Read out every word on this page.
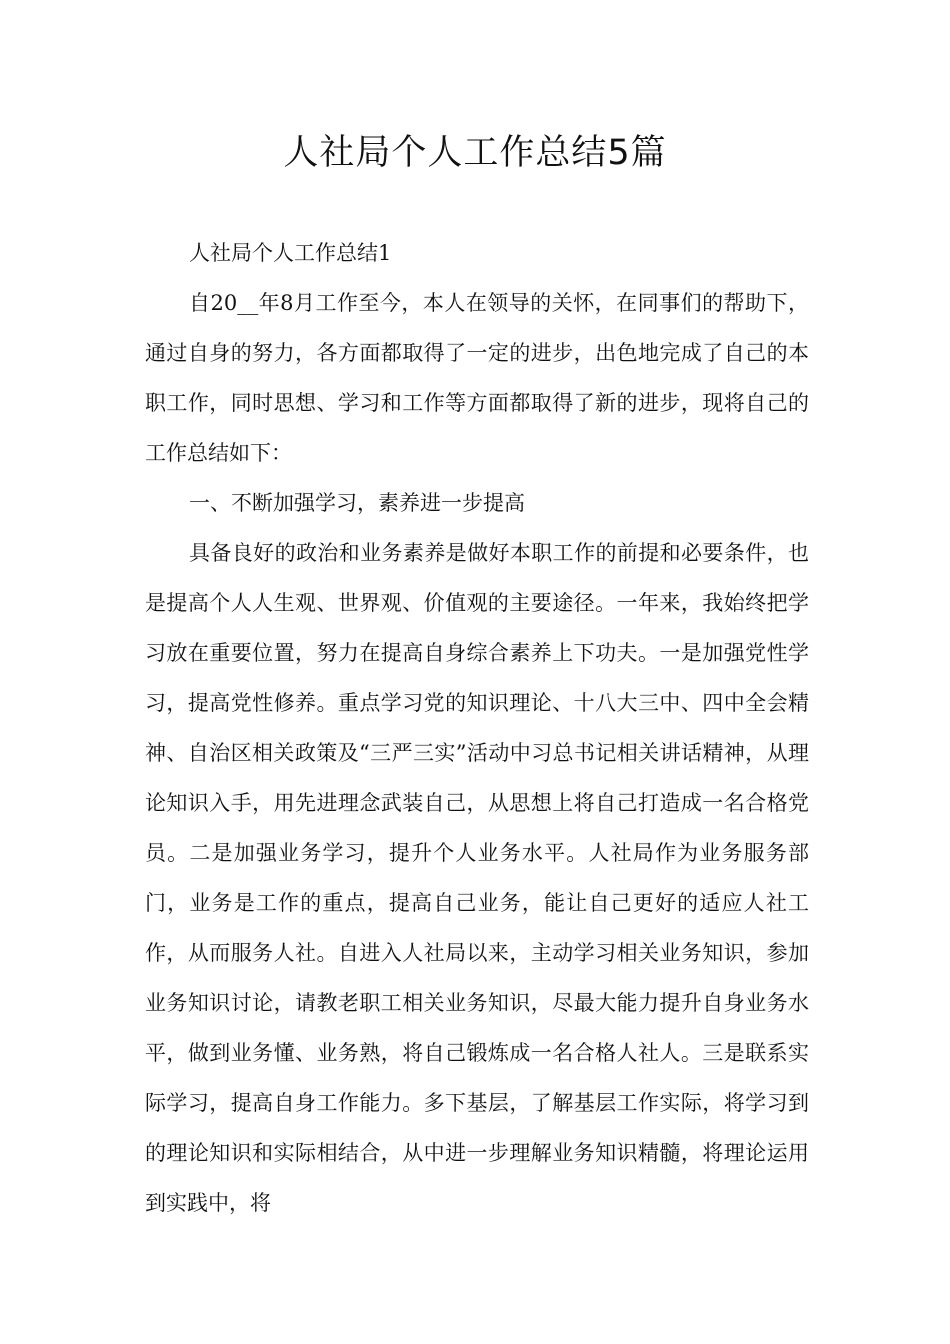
人社局个人工作总结5篇

人社局个人工作总结1

自20__年8月工作至今，本人在领导的关怀，在同事们的帮助下，通过自身的努力，各方面都取得了一定的进步，出色地完成了自己的本职工作，同时思想、学习和工作等方面都取得了新的进步，现将自己的工作总结如下：

一、不断加强学习，素养进一步提高

具备良好的政治和业务素养是做好本职工作的前提和必要条件，也是提高个人人生观、世界观、价值观的主要途径。一年来，我始终把学习放在重要位置，努力在提高自身综合素养上下功夫。一是加强党性学习，提高党性修养。重点学习党的知识理论、十八大三中、四中全会精神、自治区相关政策及“三严三实”活动中习总书记相关讲话精神，从理论知识入手，用先进理念武装自己，从思想上将自己打造成一名合格党员。二是加强业务学习，提升个人业务水平。人社局作为业务服务部门，业务是工作的重点，提高自己业务，能让自己更好的适应人社工作，从而服务人社。自进入人社局以来，主动学习相关业务知识，参加业务知识讨论，请教老职工相关业务知识，尽最大能力提升自身业务水平，做到业务懂、业务熟，将自己锻炼成一名合格人社人。三是联系实际学习，提高自身工作能力。多下基层，了解基层工作实际，将学习到的理论知识和实际相结合，从中进一步理解业务知识精髓，将理论运用到实践中，将
